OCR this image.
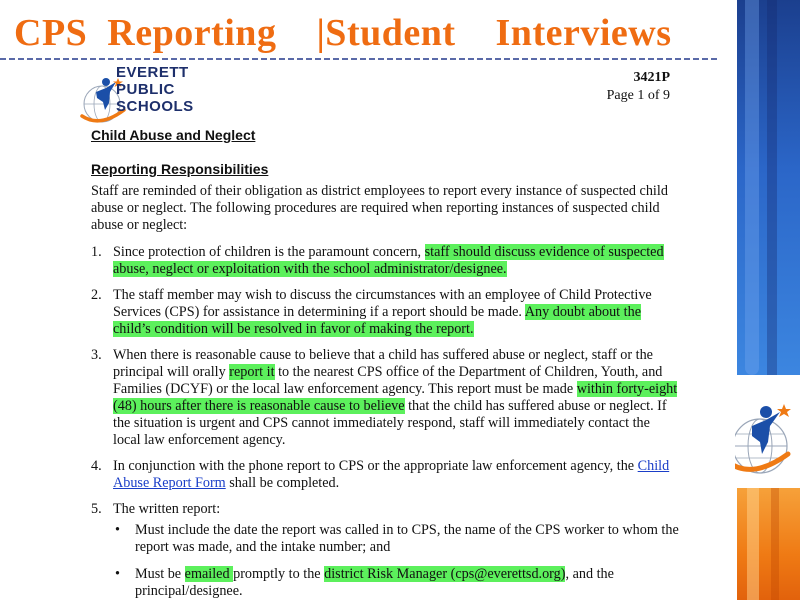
CPS  Reporting    |Student    Interviews
EVERETT
PUBLIC
SCHOOLS
3421P
Page 1 of 9
Child Abuse and Neglect
Reporting Responsibilities
Staff are reminded of their obligation as district employees to report every instance of suspected child abuse or neglect. The following procedures are required when reporting instances of suspected child abuse or neglect:
1. Since protection of children is the paramount concern, staff should discuss evidence of suspected abuse, neglect or exploitation with the school administrator/designee.
2. The staff member may wish to discuss the circumstances with an employee of Child Protective Services (CPS) for assistance in determining if a report should be made. Any doubt about the child’s condition will be resolved in favor of making the report.
3. When there is reasonable cause to believe that a child has suffered abuse or neglect, staff or the principal will orally report it to the nearest CPS office of the Department of Children, Youth, and Families (DCYF) or the local law enforcement agency. This report must be made within forty-eight (48) hours after there is reasonable cause to believe that the child has suffered abuse or neglect. If the situation is urgent and CPS cannot immediately respond, staff will immediately contact the local law enforcement agency.
4. In conjunction with the phone report to CPS or the appropriate law enforcement agency, the Child Abuse Report Form shall be completed.
5. The written report:
• Must include the date the report was called in to CPS, the name of the CPS worker to whom the report was made, and the intake number; and
• Must be emailed promptly to the district Risk Manager (cps@everettsd.org), and the principal/designee.
